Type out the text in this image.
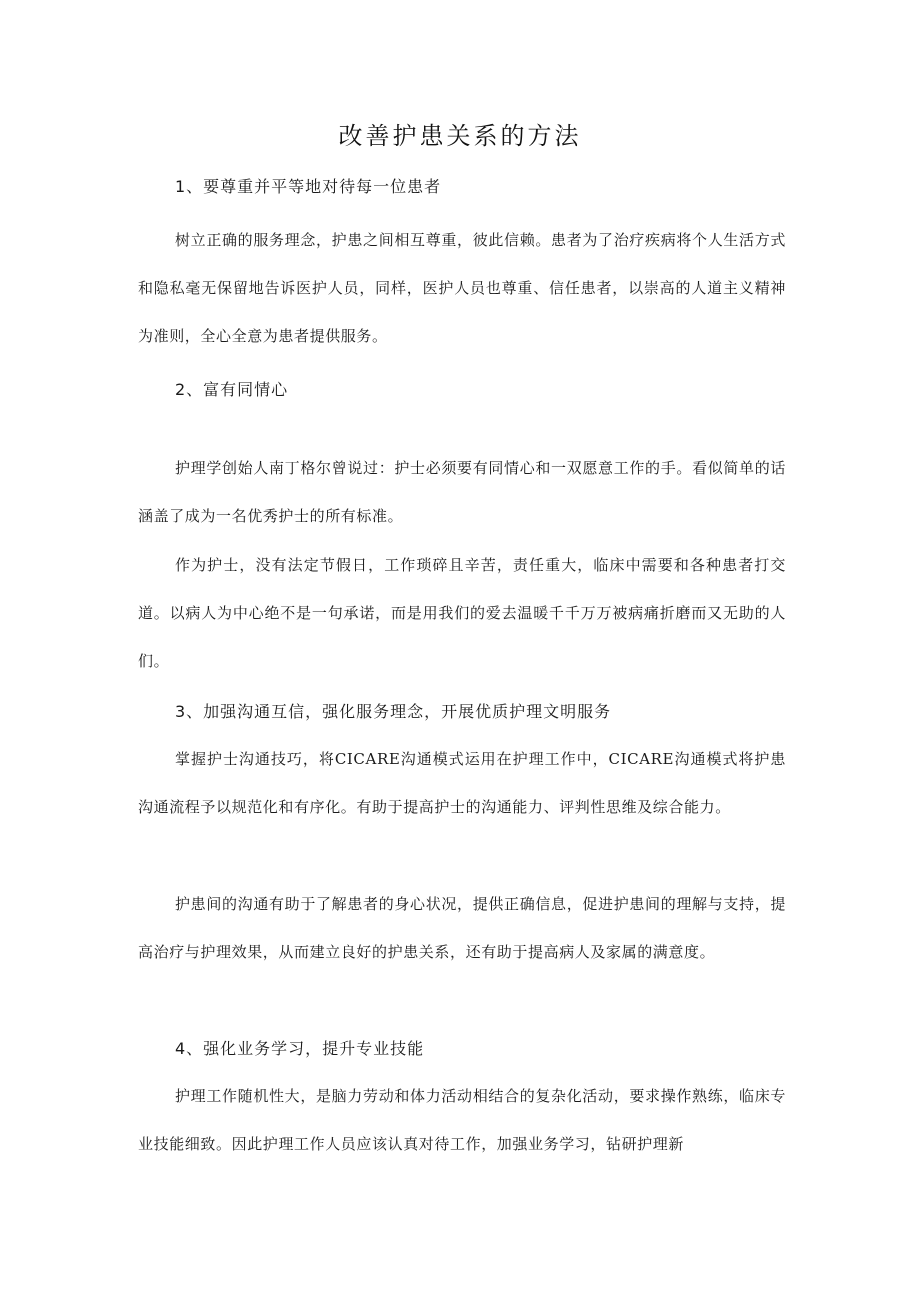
改善护患关系的方法
1、要尊重并平等地对待每一位患者

树立正确的服务理念，护患之间相互尊重，彼此信赖。患者为了治疗疾病将个人生活方式和隐私毫无保留地告诉医护人员，同样，医护人员也尊重、信任患者，以崇高的人道主义精神为准则，全心全意为患者提供服务。

2、富有同情心

护理学创始人南丁格尔曾说过：护士必须要有同情心和一双愿意工作的手。看似简单的话涵盖了成为一名优秀护士的所有标准。

作为护士，没有法定节假日，工作琐碎且辛苦，责任重大，临床中需要和各种患者打交道。以病人为中心绝不是一句承诺，而是用我们的爱去温暖千千万万被病痛折磨而又无助的人们。

3、加强沟通互信，强化服务理念，开展优质护理文明服务

掌握护士沟通技巧，将CICARE沟通模式运用在护理工作中，CICARE沟通模式将护患沟通流程予以规范化和有序化。有助于提高护士的沟通能力、评判性思维及综合能力。

护患间的沟通有助于了解患者的身心状况，提供正确信息，促进护患间的理解与支持，提高治疗与护理效果，从而建立良好的护患关系，还有助于提高病人及家属的满意度。

4、强化业务学习，提升专业技能

护理工作随机性大，是脑力劳动和体力活动相结合的复杂化活动，要求操作熟练，临床专业技能细致。因此护理工作人员应该认真对待工作，加强业务学习，钻研护理新
